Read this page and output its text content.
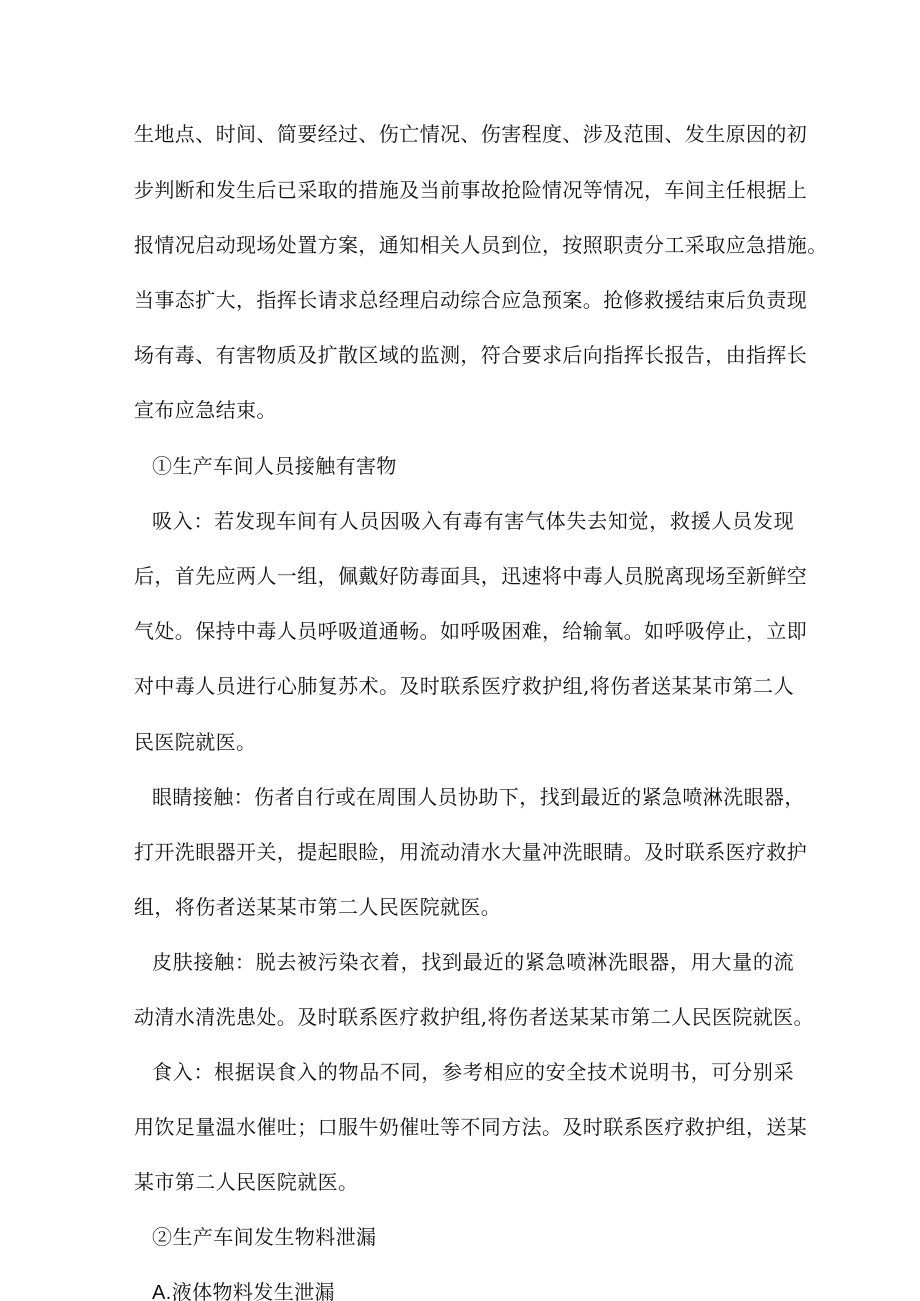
生地点、时间、简要经过、伤亡情况、伤害程度、涉及范围、发生原因的初
步判断和发生后已采取的措施及当前事故抢险情况等情况，车间主任根据上
报情况启动现场处置方案，通知相关人员到位，按照职责分工采取应急措施。
当事态扩大，指挥长请求总经理启动综合应急预案。抢修救援结束后负责现
场有毒、有害物质及扩散区域的监测，符合要求后向指挥长报告，由指挥长
宣布应急结束。
①生产车间人员接触有害物
吸入：若发现车间有人员因吸入有毒有害气体失去知觉，救援人员发现
后，首先应两人一组，佩戴好防毒面具，迅速将中毒人员脱离现场至新鲜空
气处。保持中毒人员呼吸道通畅。如呼吸困难，给输氧。如呼吸停止，立即
对中毒人员进行心肺复苏术。及时联系医疗救护组,将伤者送某某市第二人
民医院就医。
眼睛接触：伤者自行或在周围人员协助下，找到最近的紧急喷淋洗眼器，
打开洗眼器开关，提起眼睑，用流动清水大量冲洗眼睛。及时联系医疗救护
组，将伤者送某某市第二人民医院就医。
皮肤接触：脱去被污染衣着，找到最近的紧急喷淋洗眼器，用大量的流
动清水清洗患处。及时联系医疗救护组,将伤者送某某市第二人民医院就医。
食入：根据误食入的物品不同，参考相应的安全技术说明书，可分别采
用饮足量温水催吐；口服牛奶催吐等不同方法。及时联系医疗救护组，送某
某市第二人民医院就医。
②生产车间发生物料泄漏
A.液体物料发生泄漏
